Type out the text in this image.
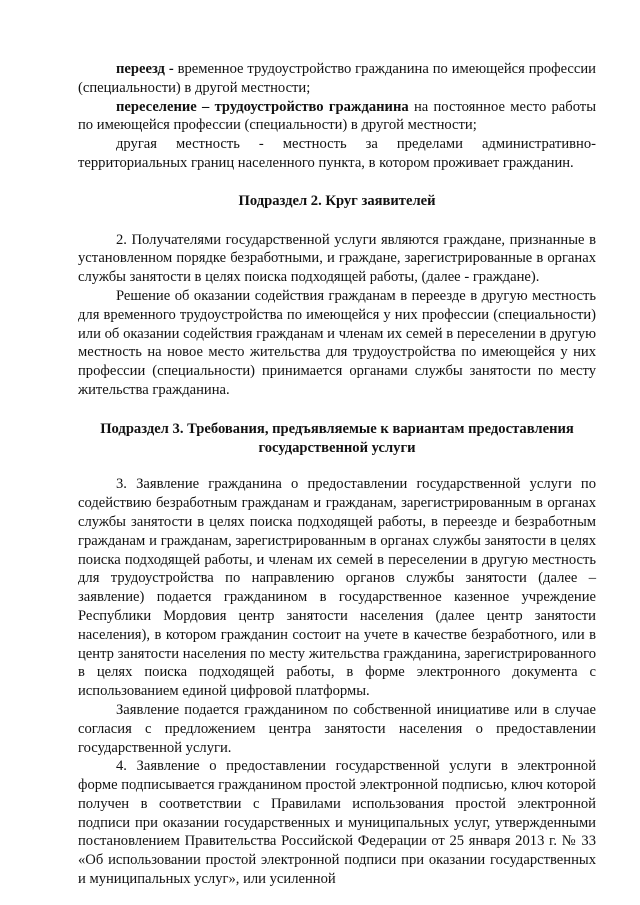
переезд - временное трудоустройство гражданина по имеющейся профессии (специальности) в другой местности;

переселение – трудоустройство гражданина на постоянное место работы по имеющейся профессии (специальности) в другой местности;

другая местность - местность за пределами административно-территориальных границ населенного пункта, в котором проживает гражданин.

Подраздел 2. Круг заявителей

2. Получателями государственной услуги являются граждане, признанные в установленном порядке безработными, и граждане, зарегистрированные в органах службы занятости в целях поиска подходящей работы, (далее - граждане).

Решение об оказании содействия гражданам в переезде в другую местность для временного трудоустройства по имеющейся у них профессии (специальности) или об оказании содействия гражданам и членам их семей в переселении в другую местность на новое место жительства для трудоустройства по имеющейся у них профессии (специальности) принимается органами службы занятости по месту жительства гражданина.

Подраздел 3. Требования, предъявляемые к вариантам предоставления
государственной услуги

3. Заявление гражданина о предоставлении государственной услуги по содействию безработным гражданам и гражданам, зарегистрированным в органах службы занятости в целях поиска подходящей работы, в переезде и безработным гражданам и гражданам, зарегистрированным в органах службы занятости в целях поиска подходящей работы, и членам их семей в переселении в другую местность для трудоустройства по направлению органов службы занятости (далее – заявление) подается гражданином в государственное казенное учреждение Республики Мордовия центр занятости населения (далее центр занятости населения), в котором гражданин состоит на учете в качестве безработного, или в центр занятости населения по месту жительства гражданина, зарегистрированного в целях поиска подходящей работы, в форме электронного документа с использованием единой цифровой платформы.

Заявление подается гражданином по собственной инициативе или в случае согласия с предложением центра занятости населения о предоставлении государственной услуги.

4. Заявление о предоставлении государственной услуги в электронной форме подписывается гражданином простой электронной подписью, ключ которой получен в соответствии с Правилами использования простой электронной подписи при оказании государственных и муниципальных услуг, утвержденными постановлением Правительства Российской Федерации от 25 января 2013 г. № 33 «Об использовании простой электронной подписи при оказании государственных и муниципальных услуг», или усиленной
